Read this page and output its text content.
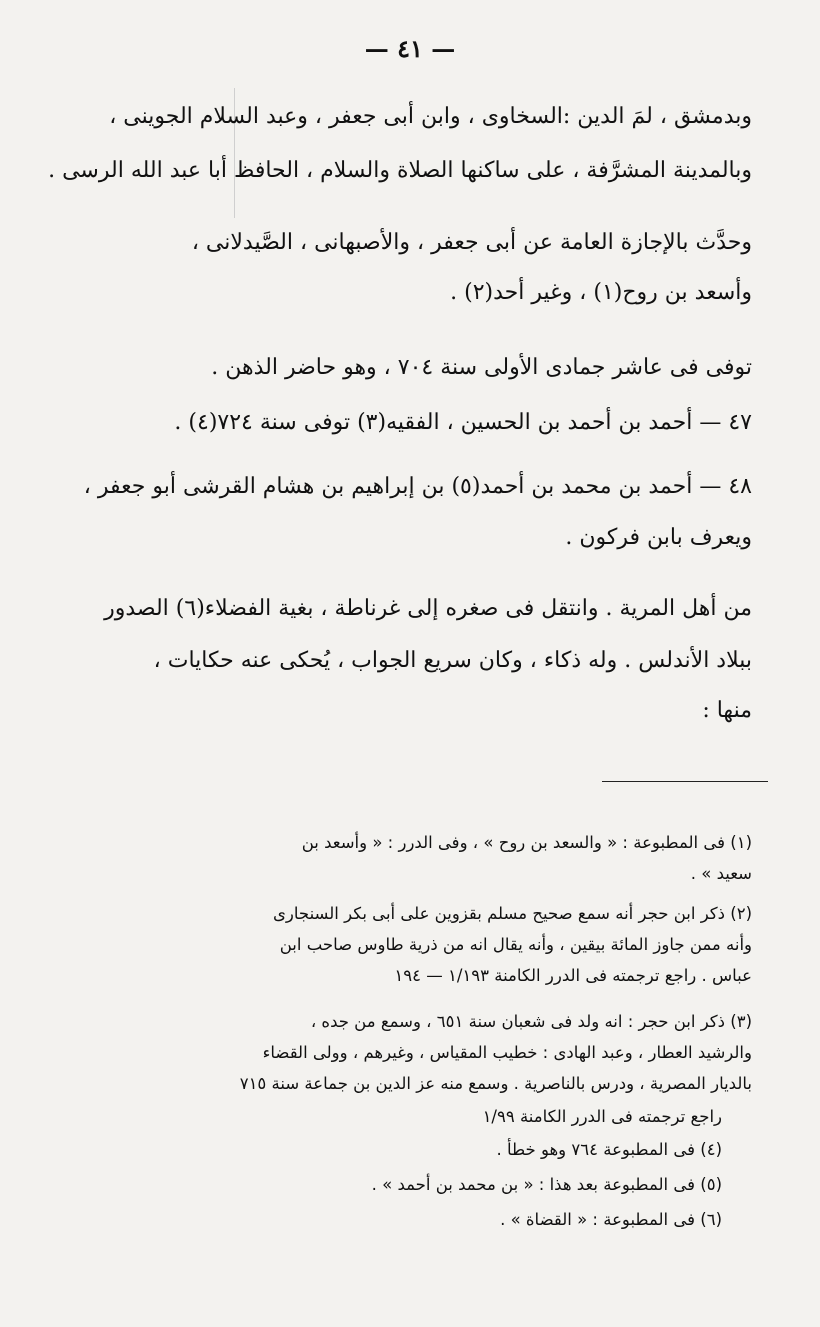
— ٤١ —
وبدمشق ، لمَ الدين :السخاوى ، وابن أبى جعفر ، وعبد السلام الجوينى ،
وبالمدينة المشرَّفة ، على ساكنها الصلاة والسلام ، الحافظ أبا عبد الله الرسى .
وحدَّث بالإجازة العامة عن أبى جعفر ، والأصبهانى ، الصَّيدلانى ،
وأسعد بن روح(١) ، وغير أحد(٢) .
توفى فى عاشر جمادى الأولى سنة ٧٠٤ ، وهو حاضر الذهن .
٤٧ — أحمد بن أحمد بن الحسين ، الفقيه(٣) توفى سنة ٧٢٤(٤) .
٤٨ — أحمد بن محمد بن أحمد(٥) بن إبراهيم بن هشام القرشى أبو جعفر ،
ويعرف بابن فركون .
من أهل المرية . وانتقل فى صغره إلى غرناطة ، بغية الفضلاء(٦) الصدور
ببلاد الأندلس . وله ذكاء ، وكان سريع الجواب ، يُحكى عنه حكايات ،
منها :
(١) فى المطبوعة : « والسعد بن روح » ، وفى الدرر : « وأسعد بن
سعيد » .
(٢) ذكر ابن حجر أنه سمع صحيح مسلم بقزوين على أبى بكر السنجارى
وأنه ممن جاوز المائة بيقين ، وأنه يقال انه من ذرية طاوس صاحب ابن
عباس . راجع ترجمته فى الدرر الكامنة ١/١٩٣ — ١٩٤
(٣) ذكر ابن حجر : انه ولد فى شعبان سنة ٦٥١ ، وسمع من جده ،
والرشيد العطار ، وعبد الهادى : خطيب المقياس ، وغيرهم ، وولى القضاء
بالديار المصرية ، ودرس بالناصرية . وسمع منه عز الدين بن جماعة سنة ٧١٥
راجع ترجمته فى الدرر الكامنة ١/٩٩
(٤) فى المطبوعة ٧٦٤ وهو خطأ .
(٥) فى المطبوعة بعد هذا : « بن محمد بن أحمد » .
(٦) فى المطبوعة : « القضاة » .
